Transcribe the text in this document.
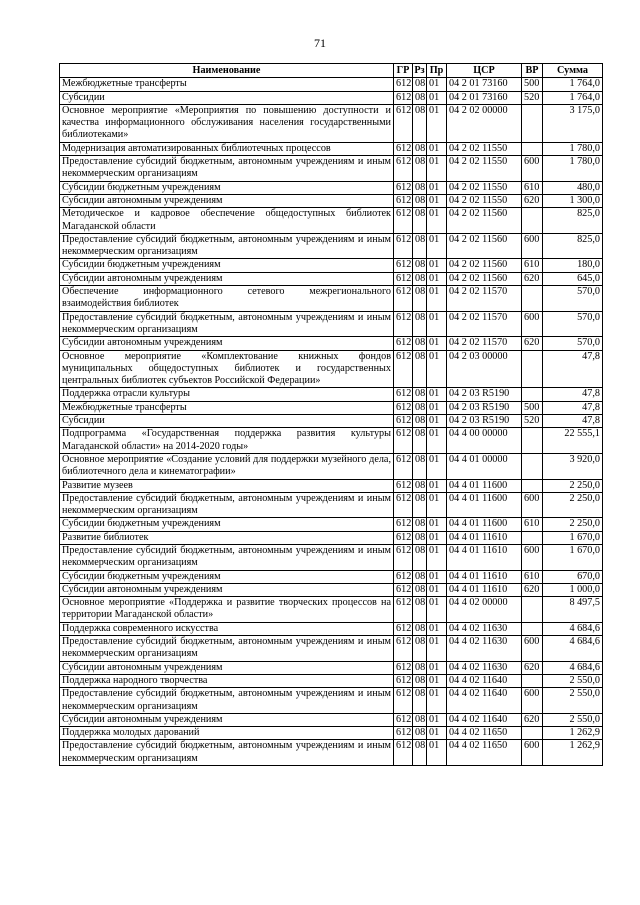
71
Наименование	ГР	Рз	Пр	ЦСР	ВР	Сумма
Межбюджетные трансферты	612	08	01	04 2 01 73160	500	1 764,0
Субсидии	612	08	01	04 2 01 73160	520	1 764,0
Основное мероприятие «Мероприятия по повышению доступности и качества информационного обслуживания населения государственными библиотеками»	612	08	01	04 2 02 00000		3 175,0
Модернизация автоматизированных библиотечных процессов	612	08	01	04 2 02 11550		1 780,0
Предоставление субсидий бюджетным, автономным учреждениям и иным некоммерческим организациям	612	08	01	04 2 02 11550	600	1 780,0
Субсидии бюджетным учреждениям	612	08	01	04 2 02 11550	610	480,0
Субсидии автономным учреждениям	612	08	01	04 2 02 11550	620	1 300,0
Методическое и кадровое обеспечение общедоступных библиотек Магаданской области	612	08	01	04 2 02 11560		825,0
Предоставление субсидий бюджетным, автономным учреждениям и иным некоммерческим организациям	612	08	01	04 2 02 11560	600	825,0
Субсидии бюджетным учреждениям	612	08	01	04 2 02 11560	610	180,0
Субсидии автономным учреждениям	612	08	01	04 2 02 11560	620	645,0
Обеспечение информационного сетевого межрегионального взаимодействия библиотек	612	08	01	04 2 02 11570		570,0
Предоставление субсидий бюджетным, автономным учреждениям и иным некоммерческим организациям	612	08	01	04 2 02 11570	600	570,0
Субсидии автономным учреждениям	612	08	01	04 2 02 11570	620	570,0
Основное мероприятие «Комплектование книжных фондов муниципальных общедоступных библиотек и государственных центральных библиотек субъектов Российской Федерации»	612	08	01	04 2 03 00000		47,8
Поддержка отрасли культуры	612	08	01	04 2 03 R5190		47,8
Межбюджетные трансферты	612	08	01	04 2 03 R5190	500	47,8
Субсидии	612	08	01	04 2 03 R5190	520	47,8
Подпрограмма «Государственная поддержка развития культуры Магаданской области» на 2014-2020 годы»	612	08	01	04 4 00 00000		22 555,1
Основное мероприятие «Создание условий для поддержки музейного дела, библиотечного дела и кинематографии»	612	08	01	04 4 01 00000		3 920,0
Развитие музеев	612	08	01	04 4 01 11600		2 250,0
Предоставление субсидий бюджетным, автономным учреждениям и иным некоммерческим организациям	612	08	01	04 4 01 11600	600	2 250,0
Субсидии бюджетным учреждениям	612	08	01	04 4 01 11600	610	2 250,0
Развитие библиотек	612	08	01	04 4 01 11610		1 670,0
Предоставление субсидий бюджетным, автономным учреждениям и иным некоммерческим организациям	612	08	01	04 4 01 11610	600	1 670,0
Субсидии бюджетным учреждениям	612	08	01	04 4 01 11610	610	670,0
Субсидии автономным учреждениям	612	08	01	04 4 01 11610	620	1 000,0
Основное мероприятие «Поддержка и развитие творческих процессов на территории Магаданской области»	612	08	01	04 4 02 00000		8 497,5
Поддержка современного искусства	612	08	01	04 4 02 11630		4 684,6
Предоставление субсидий бюджетным, автономным учреждениям и иным некоммерческим организациям	612	08	01	04 4 02 11630	600	4 684,6
Субсидии автономным учреждениям	612	08	01	04 4 02 11630	620	4 684,6
Поддержка народного творчества	612	08	01	04 4 02 11640		2 550,0
Предоставление субсидий бюджетным, автономным учреждениям и иным некоммерческим организациям	612	08	01	04 4 02 11640	600	2 550,0
Субсидии автономным учреждениям	612	08	01	04 4 02 11640	620	2 550,0
Поддержка молодых дарований	612	08	01	04 4 02 11650		1 262,9
Предоставление субсидий бюджетным, автономным учреждениям и иным некоммерческим организациям	612	08	01	04 4 02 11650	600	1 262,9
